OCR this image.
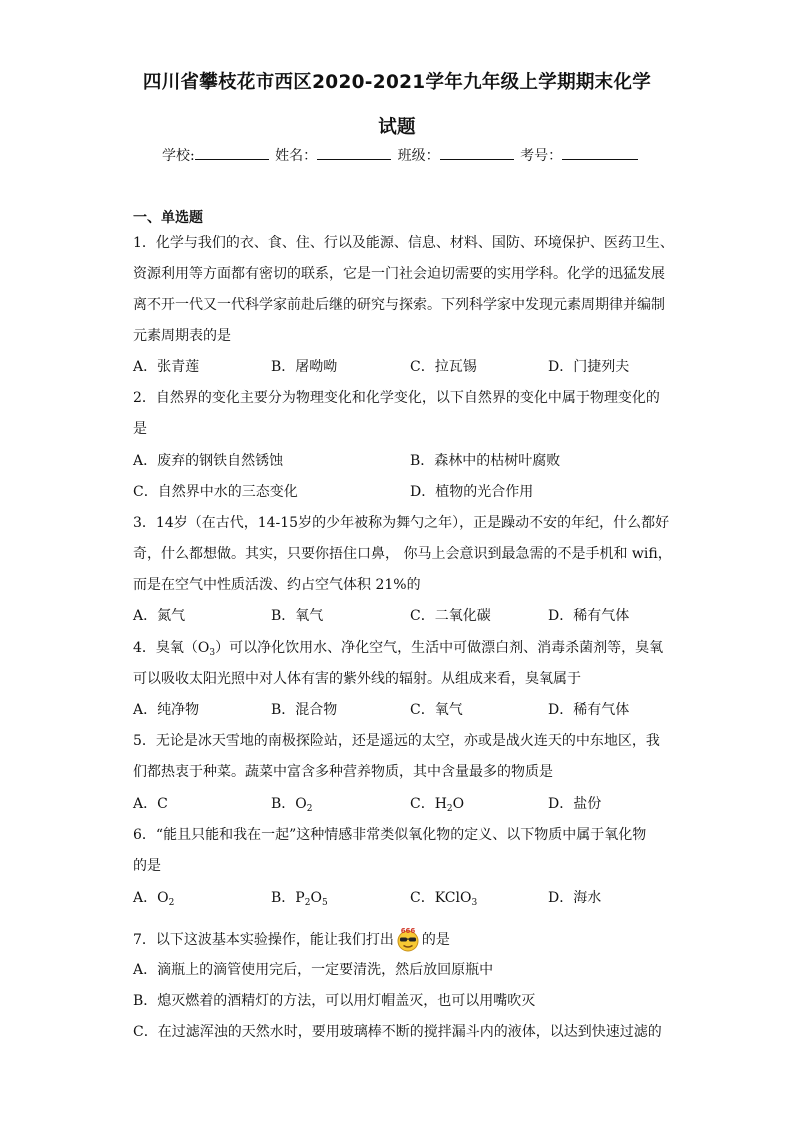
四川省攀枝花市西区2020-2021学年九年级上学期期末化学
试题
学校:	姓名：	班级：	考号：
一、单选题
1．化学与我们的衣、食、住、行以及能源、信息、材料、国防、环境保护、医药卫生、
资源利用等方面都有密切的联系，它是一门社会迫切需要的实用学科。化学的迅猛发展
离不开一代又一代科学家前赴后继的研究与探索。下列科学家中发现元素周期律并编制
元素周期表的是
A．张青莲	B．屠呦呦	C．拉瓦锡	D．门捷列夫
2．自然界的变化主要分为物理变化和化学变化，以下自然界的变化中属于物理变化的
是
A．废弃的钢铁自然锈蚀	B．森林中的枯树叶腐败
C．自然界中水的三态变化	D．植物的光合作用
3．14岁（在古代，14-15岁的少年被称为舞勺之年），正是躁动不安的年纪，什么都好
奇，什么都想做。其实，只要你捂住口鼻， 你马上会意识到最急需的不是手机和 wifi，
而是在空气中性质活泼、约占空气体积 21%的
A．氮气	B．氧气	C．二氧化碳	D．稀有气体
4．臭氧$(O_3)$可以净化饮用水、净化空气，生活中可做漂白剂、消毒杀菌剂等，臭氧
可以吸收太阳光照中对人体有害的紫外线的辐射。从组成来看，臭氧属于
A．纯净物	B．混合物	C．氧气	D．稀有气体
5．无论是冰天雪地的南极探险站，还是遥远的太空，亦或是战火连天的中东地区，我
们都热衷于种菜。蔬菜中富含多种营养物质，其中含量最多的物质是
A．C	B．$O_2$	C．$H_2O$	D．盐份
6．“能且只能和我在一起”这种情感非常类似氧化物的定义、以下物质中属于氧化物
的是
A．$O_2$	B．$P_2O_5$	C．KClO$_3$	D．海水
7．以下这波基本实验操作，能让我们打出
666
的是
A．滴瓶上的滴管使用完后，一定要清洗，然后放回原瓶中
B．熄灭燃着的酒精灯的方法，可以用灯帽盖灭，也可以用嘴吹灭
C．在过滤浑浊的天然水时，要用玻璃棒不断的搅拌漏斗内的液体，以达到快速过滤的
